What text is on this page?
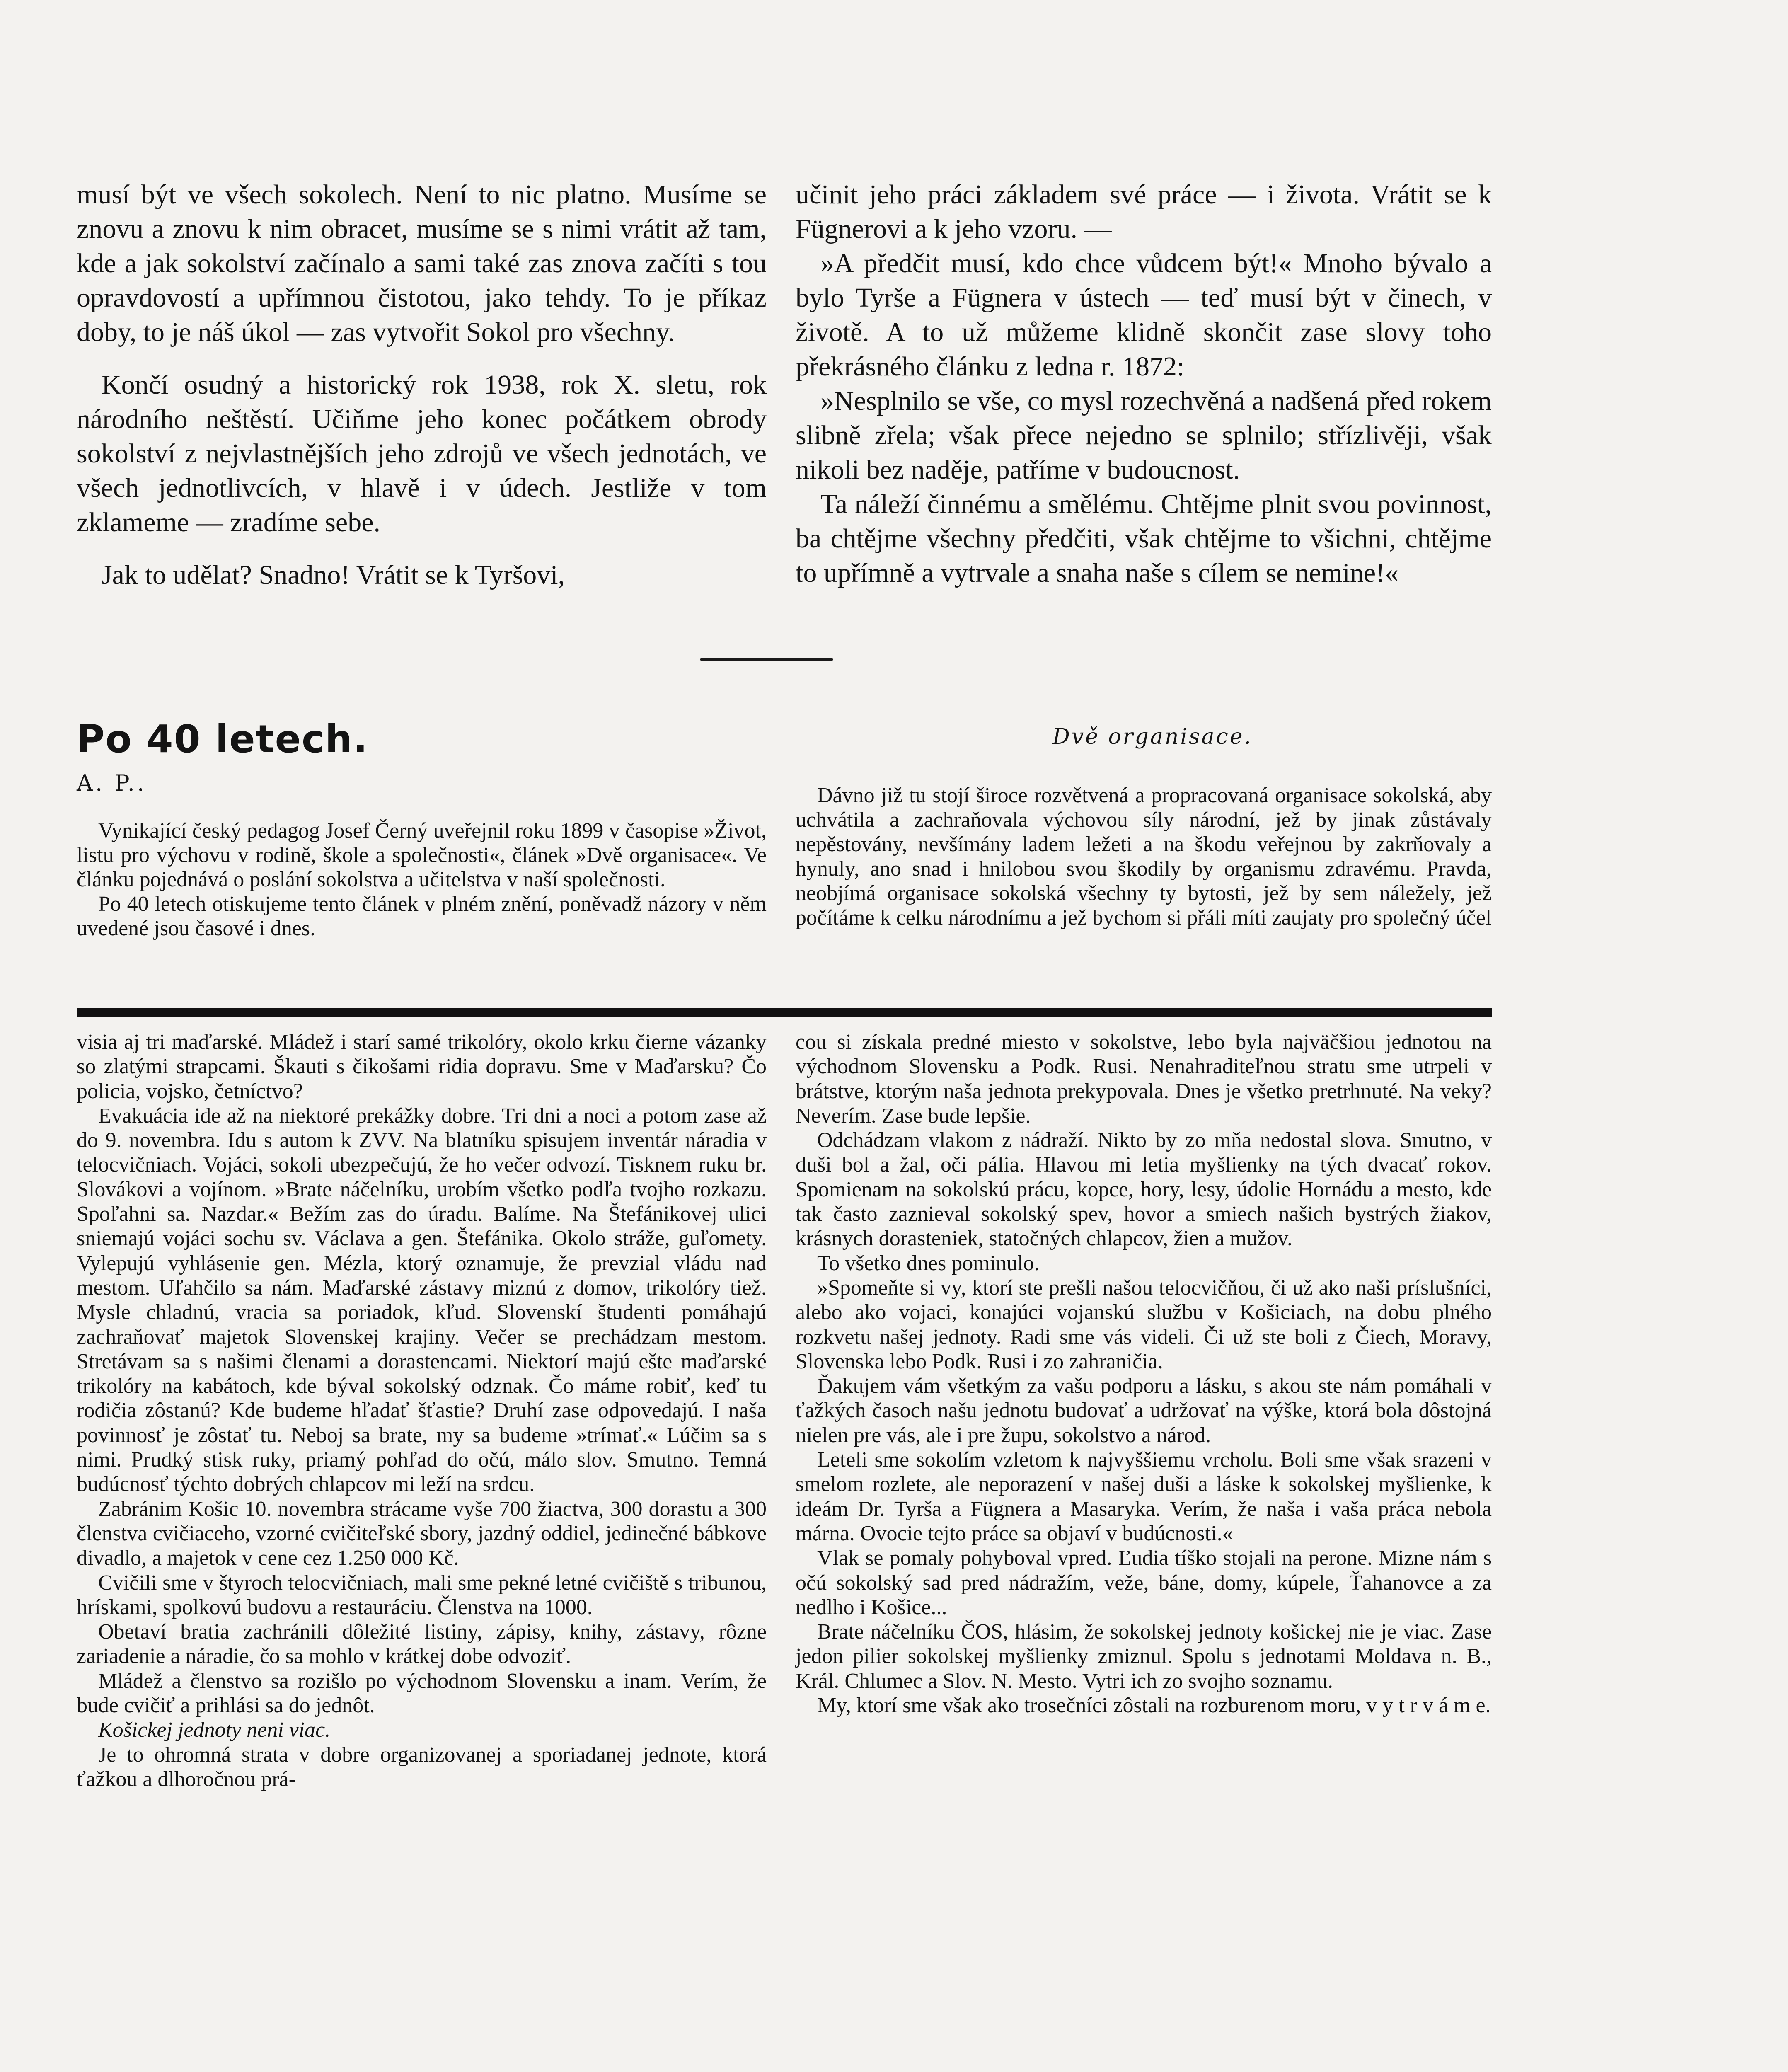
musí být ve všech sokolech. Není to nic platno. Musíme se znovu a znovu k nim obracet, musíme se s nimi vrátit až tam, kde a jak sokolství začínalo a sami také zas znova začíti s tou opravdovostí a upřímnou čistotou, jako tehdy. To je příkaz doby, to je náš úkol — zas vytvořit Sokol pro všechny.

Končí osudný a historický rok 1938, rok X. sletu, rok národního neštěstí. Učiňme jeho konec počátkem obrody sokolství z nejvlastnějších jeho zdrojů ve všech jednotách, ve všech jednotlivcích, v hlavě i v údech. Jestliže v tom zklameme — zradíme sebe.

Jak to udělat? Snadno! Vrátit se k Tyršovi,

učinit jeho práci základem své práce — i života. Vrátit se k Fügnerovi a k jeho vzoru. —

»A předčit musí, kdo chce vůdcem být!« Mnoho bývalo a bylo Tyrše a Fügnera v ústech — teď musí být v činech, v životě. A to už můžeme klidně skončit zase slovy toho překrásného článku z ledna r. 1872:

»Nesplnilo se vše, co mysl rozechvěná a nadšená před rokem slibně zřela; však přece nejedno se splnilo; střízlivěji, však nikoli bez naděje, patříme v budoucnost.

Ta náleží činnému a smělému. Chtějme plnit svou povinnost, ba chtějme všechny předčiti, však chtějme to všichni, chtějme to upřímně a vytrvale a snaha naše s cílem se nemine!«

Po 40 letech.
A. P..
Dvě organisace.

Vynikající český pedagog Josef Černý uveřejnil roku 1899 v časopise »Život, listu pro výchovu v rodině, škole a společnosti«, článek »Dvě organisace«. Ve článku pojednává o poslání sokolstva a učitelstva v naší společnosti.

Po 40 letech otiskujeme tento článek v plném znění, poněvadž názory v něm uvedené jsou časové i dnes.

Dávno již tu stojí široce rozvětvená a propracovaná organisace sokolská, aby uchvátila a zachraňovala výchovou síly národní, jež by jinak zůstávaly nepěstovány, nevšímány ladem ležeti a na škodu veřejnou by zakrňovaly a hynuly, ano snad i hnilobou svou škodily by organismu zdravému. Pravda, neobjímá organisace sokolská všechny ty bytosti, jež by sem náležely, jež počítáme k celku národnímu a jež bychom si přáli míti zaujaty pro společný účel

visia aj tri maďarské. Mládež i starí samé trikolóry, okolo krku čierne vázanky so zlatými strapcami. Škauti s čikošami ridia dopravu. Sme v Maďarsku? Čo policia, vojsko, četníctvo?

Evakuácia ide až na niektoré prekážky dobre. Tri dni a noci a potom zase až do 9. novembra. Idu s autom k ZVV. Na blatníku spisujem inventár náradia v telocvičniach. Vojáci, sokoli ubezpečujú, že ho večer odvozí. Tisknem ruku br. Slovákovi a vojínom. »Brate náčelníku, urobím všetko podľa tvojho rozkazu. Spoľahni sa. Nazdar.« Bežím zas do úradu. Balíme. Na Štefánikovej ulici sniemajú vojáci sochu sv. Václava a gen. Štefánika. Okolo stráže, guľomety. Vylepujú vyhlásenie gen. Mézla, ktorý oznamuje, že prevzial vládu nad mestom. Uľahčilo sa nám. Maďarské zástavy miznú z domov, trikolóry tiež. Mysle chladnú, vracia sa poriadok, kľud. Slovenskí študenti pomáhajú zachraňovať majetok Slovenskej krajiny. Večer se prechádzam mestom. Stretávam sa s našimi členami a dorastencami. Niektorí majú ešte maďarské trikolóry na kabátoch, kde býval sokolský odznak. Čo máme robiť, keď tu rodičia zôstanú? Kde budeme hľadať šťastie? Druhí zase odpovedajú. I naša povinnosť je zôstať tu. Neboj sa brate, my sa budeme »trímať.« Lúčim sa s nimi. Prudký stisk ruky, priamý pohľad do očú, málo slov. Smutno. Temná budúcnosť týchto dobrých chlapcov mi leží na srdcu.

Zabránim Košic 10. novembra strácame vyše 700 žiactva, 300 dorastu a 300 členstva cvičiaceho, vzorné cvičiteľské sbory, jazdný oddiel, jedinečné bábkove divadlo, a majetok v cene cez 1.250 000 Kč.

Cvičili sme v štyroch telocvičniach, mali sme pekné letné cvičiště s tribunou, hrískami, spolkovú budovu a restauráciu. Členstva na 1000.

Obetaví bratia zachránili dôležité listiny, zápisy, knihy, zástavy, rôzne zariadenie a náradie, čo sa mohlo v krátkej dobe odvoziť.

Mládež a členstvo sa rozišlo po východnom Slovensku a inam. Verím, že bude cvičiť a prihlási sa do jednôt.

Košickej jednoty neni viac.

Je to ohromná strata v dobre organizovanej a sporiadanej jednote, ktorá ťažkou a dlhoročnou prá-

cou si získala predné miesto v sokolstve, lebo byla najväčšiou jednotou na východnom Slovensku a Podk. Rusi. Nenahraditeľnou stratu sme utrpeli v brátstve, ktorým naša jednota prekypovala. Dnes je všetko pretrhnuté. Na veky? Neverím. Zase bude lepšie.

Odchádzam vlakom z nádraží. Nikto by zo mňa nedostal slova. Smutno, v duši bol a žal, oči pália. Hlavou mi letia myšlienky na tých dvacať rokov. Spomienam na sokolskú prácu, kopce, hory, lesy, údolie Hornádu a mesto, kde tak často zaznieval sokolský spev, hovor a smiech našich bystrých žiakov, krásnych dorasteniek, statočných chlapcov, žien a mužov.

To všetko dnes pominulo.

»Spomeňte si vy, ktorí ste prešli našou telocvičňou, či už ako naši príslušníci, alebo ako vojaci, konajúci vojanskú službu v Košiciach, na dobu plného rozkvetu našej jednoty. Radi sme vás videli. Či už ste boli z Čiech, Moravy, Slovenska lebo Podk. Rusi i zo zahraničia.

Ďakujem vám všetkým za vašu podporu a lásku, s akou ste nám pomáhali v ťažkých časoch našu jednotu budovať a udržovať na výške, ktorá bola dôstojná nielen pre vás, ale i pre župu, sokolstvo a národ.

Leteli sme sokolím vzletom k najvyššiemu vrcholu. Boli sme však srazeni v smelom rozlete, ale neporazení v našej duši a láske k sokolskej myšlienke, k ideám Dr. Tyrša a Fügnera a Masaryka. Verím, že naša i vaša práca nebola márna. Ovocie tejto práce sa objaví v budúcnosti.«

Vlak se pomaly pohyboval vpred. Ľudia tíško stojali na perone. Mizne nám s očú sokolský sad pred nádražím, veže, báne, domy, kúpele, Ťahanovce a za nedlho i Košice...

Brate náčelníku ČOS, hlásim, že sokolskej jednoty košickej nie je viac. Zase jedon pilier sokolskej myšlienky zmiznul. Spolu s jednotami Moldava n. B., Král. Chlumec a Slov. N. Mesto. Vytri ich zo svojho soznamu.

My, ktorí sme však ako trosečníci zôstali na rozburenom moru, v y t r v á m e.
